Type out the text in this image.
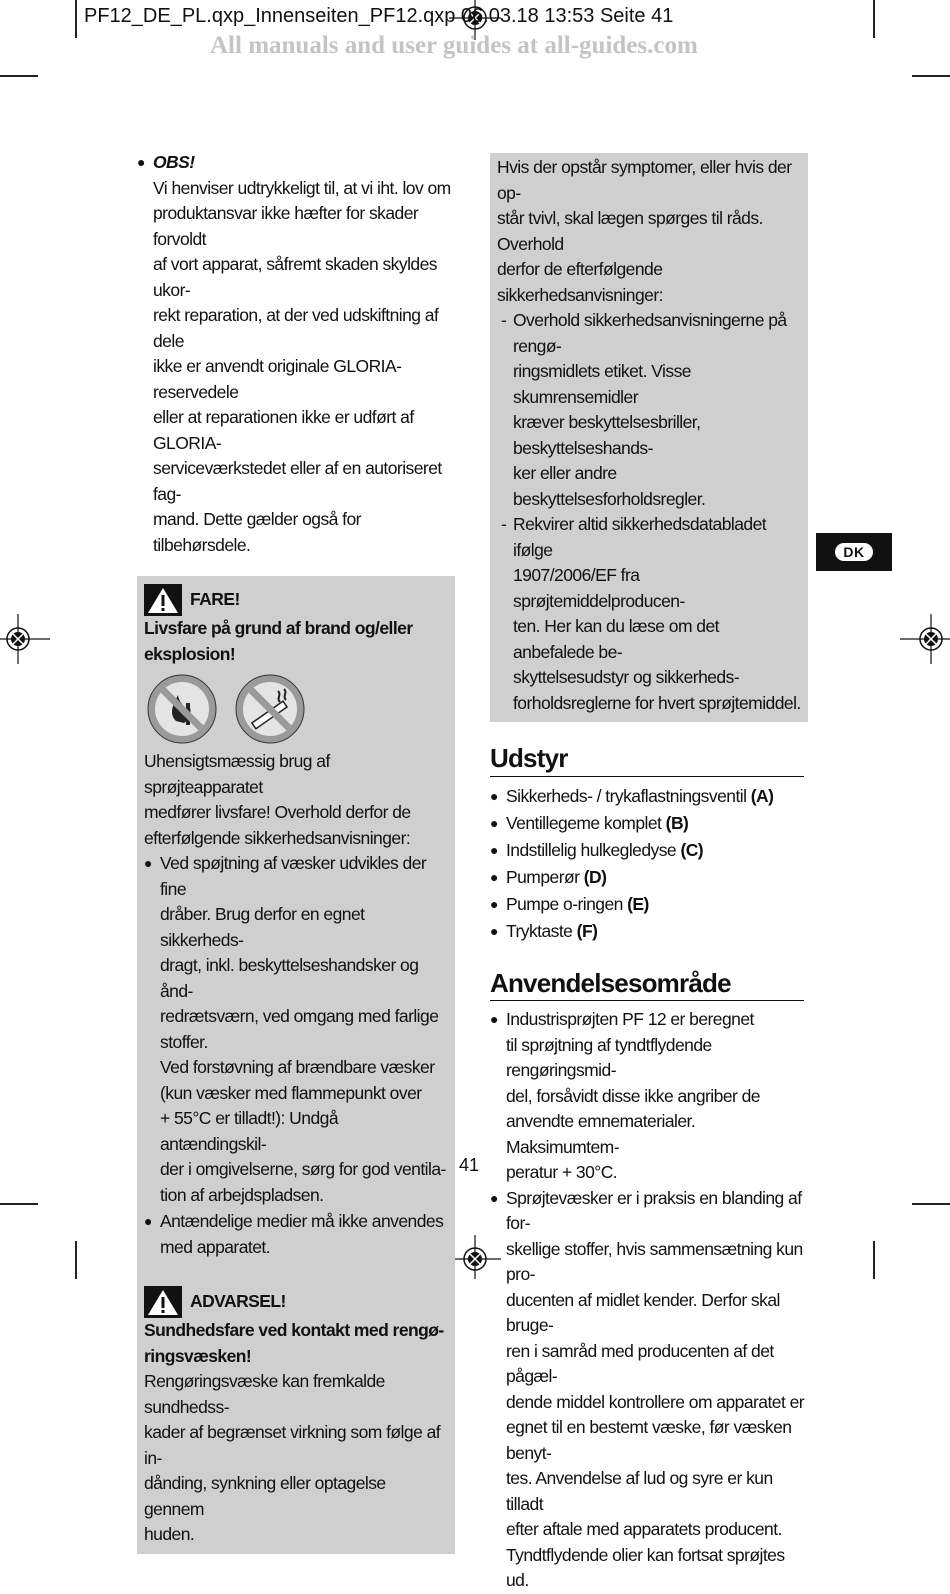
PF12_DE_PL.qxp_Innenseiten_PF12.qxp 06.03.18 13:53 Seite 41
All manuals and user guides at all-guides.com
● OBS!
Vi henviser udtrykkeligt til, at vi iht. lov om
produktansvar ikke hæfter for skader forvoldt
af vort apparat, såfremt skaden skyldes ukor-
rekt reparation, at der ved udskiftning af dele
ikke er anvendt originale GLORIA-reservedele
eller at reparationen ikke er udført af GLORIA-
serviceværkstedet eller af en autoriseret fag-
mand. Dette gælder også for tilbehørsdele.
FARE!
Livsfare på grund af brand og/eller
eksplosion!
Uhensigtsmæssig brug af sprøjteapparatet
medfører livsfare! Overhold derfor de
efterfølgende sikkerhedsanvisninger:
● Ved spøjtning af væsker udvikles der fine
dråber. Brug derfor en egnet sikkerheds-
dragt, inkl. beskyttelseshandsker og ånd-
redrætsværn, ved omgang med farlige
stoffer.
Ved forstøvning af brændbare væsker
(kun væsker med flammepunkt over
+ 55°C er tilladt!): Undgå antændingskil-
der i omgivelserne, sørg for god ventila-
tion af arbejdspladsen.
● Antændelige medier må ikke anvendes
med apparatet.
ADVARSEL!
Sundhedsfare ved kontakt med rengø-
ringsvæsken!
Rengøringsvæske kan fremkalde sundhedss-
kader af begrænset virkning som følge af in-
dånding, synkning eller optagelse gennem
huden.
Hvis der opstår symptomer, eller hvis der op-
står tvivl, skal lægen spørges til råds. Overhold
derfor de efterfølgende sikkerhedsanvisninger:
- Overhold sikkerhedsanvisningerne på rengø-
ringsmidlets etiket. Visse skumrensemidler
kræver beskyttelsesbriller, beskyttelseshands-
ker eller andre beskyttelsesforholdsregler.
- Rekvirer altid sikkerhedsdatabladet ifølge
1907/2006/EF fra sprøjtemiddelproducen-
ten. Her kan du læse om det anbefalede be-
skyttelsesudstyr og sikkerheds-
forholdsreglerne for hvert sprøjtemiddel.
Udstyr
● Sikkerheds- / trykaflastningsventil (A)
● Ventillegeme komplet (B)
● Indstillelig hulkegledyse (C)
● Pumperør (D)
● Pumpe o-ringen (E)
● Tryktaste (F)
Anvendelsesområde
● Industrisprøjten PF 12 er beregnet
til sprøjtning af tyndtflydende rengøringsmid-
del, forsåvidt disse ikke angriber de
anvendte emnematerialer. Maksimumtem-
peratur + 30°C.
● Sprøjtevæsker er i praksis en blanding af for-
skellige stoffer, hvis sammensætning kun pro-
ducenten af midlet kender. Derfor skal bruge-
ren i samråd med producenten af det pågæl-
dende middel kontrollere om apparatet er
egnet til en bestemt væske, før væsken benyt-
tes. Anvendelse af lud og syre er kun tilladt
efter aftale med apparatets producent.
Tyndtflydende olier kan fortsat sprøjtes ud.
DK
41
